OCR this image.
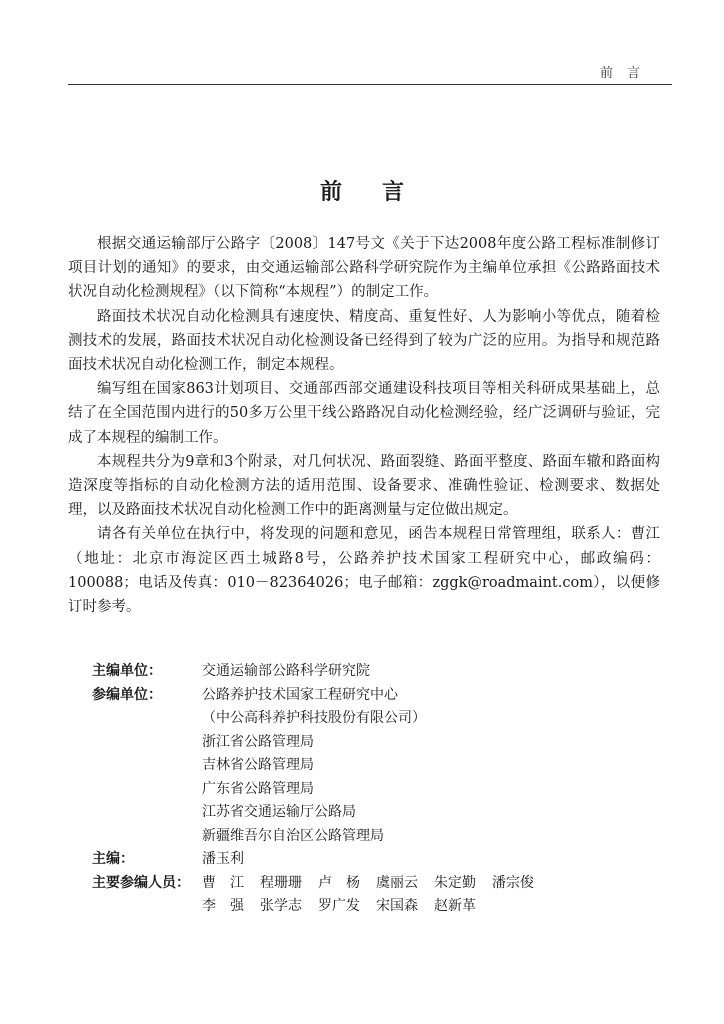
前言
前言

根据交通运输部厅公路字〔2008〕147号文《关于下达2008年度公路工程标准制修订项目计划的通知》的要求，由交通运输部公路科学研究院作为主编单位承担《公路路面技术状况自动化检测规程》（以下简称“本规程”）的制定工作。

路面技术状况自动化检测具有速度快、精度高、重复性好、人为影响小等优点，随着检测技术的发展，路面技术状况自动化检测设备已经得到了较为广泛的应用。为指导和规范路面技术状况自动化检测工作，制定本规程。

编写组在国家863计划项目、交通部西部交通建设科技项目等相关科研成果基础上，总结了在全国范围内进行的50多万公里干线公路路况自动化检测经验，经广泛调研与验证，完成了本规程的编制工作。

本规程共分为9章和3个附录，对几何状况、路面裂缝、路面平整度、路面车辙和路面构造深度等指标的自动化检测方法的适用范围、设备要求、准确性验证、检测要求、数据处理，以及路面技术状况自动化检测工作中的距离测量与定位做出规定。

请各有关单位在执行中，将发现的问题和意见，函告本规程日常管理组，联系人：曹江（地址：北京市海淀区西土城路8号，公路养护技术国家工程研究中心，邮政编码：100088；电话及传真：010－82364026；电子邮箱：zggk@roadmaint.com），以便修订时参考。

主编单位：	交通运输部公路科学研究院
参编单位：	公路养护技术国家工程研究中心
（中公高科养护科技股份有限公司）
浙江省公路管理局
吉林省公路管理局
广东省公路管理局
江苏省交通运输厅公路局
新疆维吾尔自治区公路管理局
主编：	潘玉利
主要参编人员： 曹　江	程珊珊	卢　杨	虞丽云	朱定勤	潘宗俊
李　强	张学志	罗广发	宋国森	赵新革
